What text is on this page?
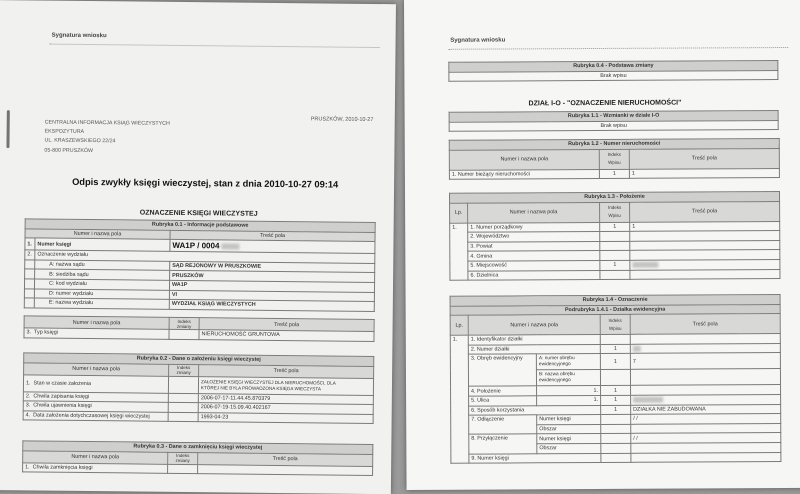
Sygnatura wniosku
CENTRALNA INFORMACJA KSIĄG WIECZYSTYCH
EKSPOZYTURA
UL. KRASZEWSKIEGO 22/24
05-800 PRUSZKÓW
PRUSZKÓW, 2010-10-27
Odpis zwykły księgi wieczystej, stan z dnia 2010-10-27 09:14
OZNACZENIE KSIĘGI WIECZYSTEJ
Rubryka 0.1 - Informacje podstawowe		
Numer i nazwa pola		Treść pola
1.	Numer księgi	WA1P / 0004
2.	Oznaczenie wydziału	
	A: nazwa sądu	SĄD REJONOWY W PRUSZKOWIE
	B: siedziba sądu	PRUSZKÓW
	C: kod wydziału	WA1P
	D: numer wydziału	VI
	E: nazwa wydziału	WYDZIAŁ KSIĄG WIECZYSTYCH
Numer i nazwa pola	Indeks zmiany	Treść pola
3. Typ księgi		NIERUCHOMOŚĆ GRUNTOWA
Rubryka 0.2 - Dane o założeniu księgi wieczystej		
Numer i nazwa pola	Indeks zmiany	Treść pola
1. Stan w czasie założenia		ZAŁOŻENIE KSIĘGI WIECZYSTEJ DLA NIERUCHOMOŚCI, DLA
KTÓREJ NIE BYŁA PROWADZONA KSIĘGA WIECZYSTA
2. Chwila zapisania księgi		2006-07-17-11.44.45.870379
3. Chwila ujawnienia księgi		2006-07-19-15.09.40.402167
4. Data założenia dotychczasowej księgi wieczystej		1993-04-23
Rubryka 0.3 - Dane o zamknięciu księgi wieczystej		
Numer i nazwa pola	Indeks zmiany	Treść pola
1. Chwila zamknięcia księgi		
Sygnatura wniosku
Rubryka 0.4 - Podstawa zmiany
Brak wpisu
DZIAŁ I-O - "OZNACZENIE NIERUCHOMOŚCI"
Rubryka 1.1 - Wzmianki w dziale I-O
Brak wpisu
Rubryka 1.2 - Numer nieruchomości		
Numer i nazwa pola	Indeks
Wpisu	Treść pola
1. Numer bieżący nieruchomości	1	1
Rubryka 1.3 - Położenie			
Lp.	Numer i nazwa pola	Indeks
Wpisu	Treść pola
1.	1. Numer porządkowy	1	1
	2. Województwo		
	3. Powiat		
	4. Gmina		
	5. Miejscowość	1	
	6. Dzielnica		
Rubryka 1.4 - Oznaczenie				
Podrubryka 1.4.1 - Działka ewidencyjna				
Lp.	Numer i nazwa pola		Indeks
Wpisu	Treść pola
1.	1. Identyfikator działki			
	2. Numer działki		1	
	3. Obręb ewidencyjny	A: numer obrębu ewidencyjnego	1	7
		B: nazwa obrębu ewidencyjnego		
	4. Położenie	1.	1	
	5. Ulica	1.	1	
	6. Sposób korzystania		1	DZIAŁKA NIE ZABUDOWANA
	7. Odłączenie	Numer księgi		/ /
		Obszar		
	8. Przyłączenie	Numer księgi		/ /
		Obszar		
	9. Numer księgi			
